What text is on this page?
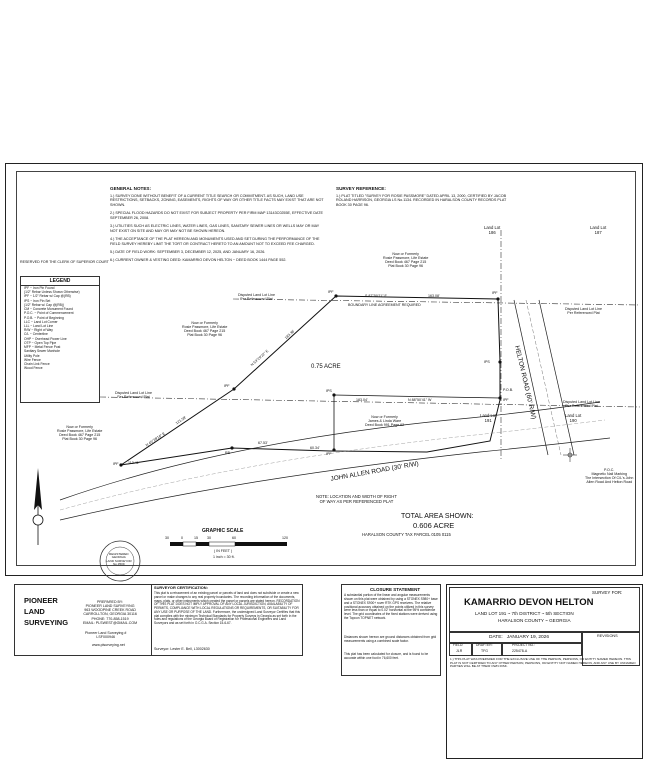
RESERVED FOR THE CLERK OF SUPERIOR COURT
GENERAL NOTES:
1.) SURVEY DONE WITHOUT BENEFIT OF A CURRENT TITLE SEARCH OR COMMITMENT. AS SUCH, LAND USE RESTRICTIONS, SETBACKS, ZONING, EASEMENTS, RIGHTS OF WAY OR OTHER TITLE FACTS MAY EXIST THAT ARE NOT SHOWN.
2.) SPECIAL FLOOD HAZARDS DO NOT EXIST FOR SUBJECT PROPERTY PER FIRM MAP 13143C0255E, EFFECTIVE DATE SEPTEMBER 26, 2008.
3.) UTILITIES SUCH AS ELECTRIC LINES, WATER LINES, GAS LINES, SANITARY SEWER LINES OR WELLS MAY OR MAY NOT EXIST ON SITE AND MAY OR MAY NOT BE SHOWN HEREON.
4.) THE ACCEPTANCE OF THE PLAT HEREON AND MONUMENTS USED AND SET DURING THE PERFORMANCE OF THE FIELD SURVEY HEREBY LIMIT THE TORT OR CONTRACT HERETO TO AN AMOUNT NOT TO EXCEED FEE CHARGED.
5.) DATE OF FIELD WORK: SEPTEMBER 3, DECEMBER 12, 2025, AND JANUARY 16, 2026.
6.) CURRENT OWNER & VESTING DEED: KAMARRIO DEVON HELTON ~ DEED BOOK 1444 PAGE 552.
SURVEY REFERENCE:
1.) PLAT TITLED "SURVEY FOR ROSIE PASSMORE" DATED APRIL 13, 2000, CERTIFIED BY JACOB ROLAND HARRISON, GEORGIA LS No.1134. RECORDED IN HARALSON COUNTY RECORDS PLAT BOOK 30 PAGE 96.
LEGEND
IPF ~ Iron Pin Found
(1/2" Rebar Unless Shown Otherwise)
IPF ~ 1/2" Rebar w/ Cap @(RB)
IPS ~ Iron Pin Set
(1/2" Rebar w/ Cap @(RB))
CM ~ Concrete Monument Found
P.O.C. ~ Point of Commencement
P.O.B. ~ Point of Beginning
LLC ~ Land Lot Corner
LLL ~ Land Lot Line
R/W ~ Right of Way
C/L ~ Centerline
OHP ~ Overhead Power Line
OTP ~ Open Top Pipe
MFP ~ Metal Fence Post
Sanitary Sewer Manhole
Utility Pole
Wire Fence
Chain Link Fence
Wood Fence
Land Lot
186
Land Lot
187
Land Lot
191
Land Lot
190
Now or Formerly
Rosie Passmore, Life Estate
Deed Book 467 Page 215
Plat Book 30 Page 96
Now or Formerly
Rosie Passmore, Life Estate
Deed Book 467 Page 215
Plat Book 30 Page 96
Now or Formerly
Rosie Passmore, Life Estate
Deed Book 467 Page 215
Plat Book 30 Page 96
Now or Formerly
James & Linda Ware
Deed Book 991 Page 62
Disputed Land Lot Line
Per Referenced Plat
Disputed Land Lot Line
Per Referenced Plat
Disputed Land Lot Line
Per Referenced Plat
Disputed Land Lot Line
Per Referenced Plat
0.75 ACRE
BOUNDARY LINE AGREEMENT REQUIRED
S 87°50'11" E	163.08'
183.04'	N 88°50'41" W
N 53°29'22" E
183.38'
N 45°28'16" E
121.58'
113.41'
67.53'
60.34'
P.O.B.
P.O.C.
Magnetic Nail Marking
The Intersection Of C/L's John
Allen Road And Helton Road
IPF
IPF
IPF	IPF
IPS
IPS
IPF
IPF
RB
HELTON ROAD (60' R/W)
JOHN ALLEN ROAD (30' R/W)
NOTE: LOCATION AND WIDTH OF RIGHT
OF WAY AS PER REFERENCED PLAT
TOTAL AREA SHOWN:
0.606 ACRE
HARALSON COUNTY TAX PARCEL 0105 0115
GRAPHIC SCALE
30	0	15	30	60	120
( IN FEET )
1 inch = 30 ft.
REGISTERED
GEORGIA
LAND SURVEYOR
No.3509
PIONEER
LAND
SURVEYING
PREPARED BY:
PIONEER LAND SURVEYING
963 WOODPINE CREEK ROAD
CARROLLTON, GEORGIA 30116
PHONE: 770-858-1519
EMAIL: PLSWEST@GMAIL.COM
Pioneer Land Surveying #
LSF000946
www.plsurveying.net
SURVEYOR CERTIFICATION:
This plat is a retracement of an existing parcel or parcels of land and does not subdivide or create a new parcel or make changes to any real property boundaries. The recording information of the documents, maps, plats, or other instruments which created the parcel or parcels are stated hereon. RECORDATION OF THIS PLAT DOES NOT IMPLY APPROVAL OF ANY LOCAL JURISDICTION, AVAILABILITY OF PERMITS, COMPLIANCE WITH LOCAL REGULATIONS OR REQUIREMENTS, OR SUITABILITY FOR ANY USE OR PURPOSE OF THE LAND. Furthermore, the undersigned Land Surveyor Certifies that this plat complies with the minimum Technical Standards for Property Surveys in Georgia as set forth in the rules and regulations of the Georgia Board of Registration for Professional Engineers and Land Surveyors and as set forth in O.C.G.A. Section 15-6-67.
Surveyor: Lester E. Bell, L3002630
CLOSURE STATEMENT
A substantial portion of the linear and angular measurements shown on this plat were obtained by using a STONEX S980+ base and a STONEX S900+ rover RTK GPS receivers. The relative positional accuracy obtained on the points utilized in this survey were less than or equal to 0.02' horizontal at the 95% confidence level. The grid coordinates of the fixed stations were derived using the Topcon TOPNET network.
Distances shown hereon are ground distances obtained from grid measurements using a combined scale factor.
This plat has been calculated for closure, and is found to be accurate within one foot in 76,600 feet.
SURVEY FOR:
KAMARRIO DEVON HELTON
LAND LOT 191 ~ 7th DISTRICT ~ 5th SECTION
HARALSON COUNTY ~ GEORGIA
DATE:   JANUARY 19, 2026	REVISIONS
FIELD:
JLR
DRAFTER:
TFG
PROJECT NO.:
225478-A
1.) THIS PLAT WAS PREPARED FOR THE EXCLUSIVE USE OF THE PERSON, PERSONS, OR ENTITY NAMED HEREON. THIS PLAT IS NOT CERTIFIED TO ANY OTHER PERSON, PERSONS, OR ENTITY NOT NAMED HEREON, AND ANY USE BY UNNAMED PARTIES WILL BE AT THEIR OWN RISK.
